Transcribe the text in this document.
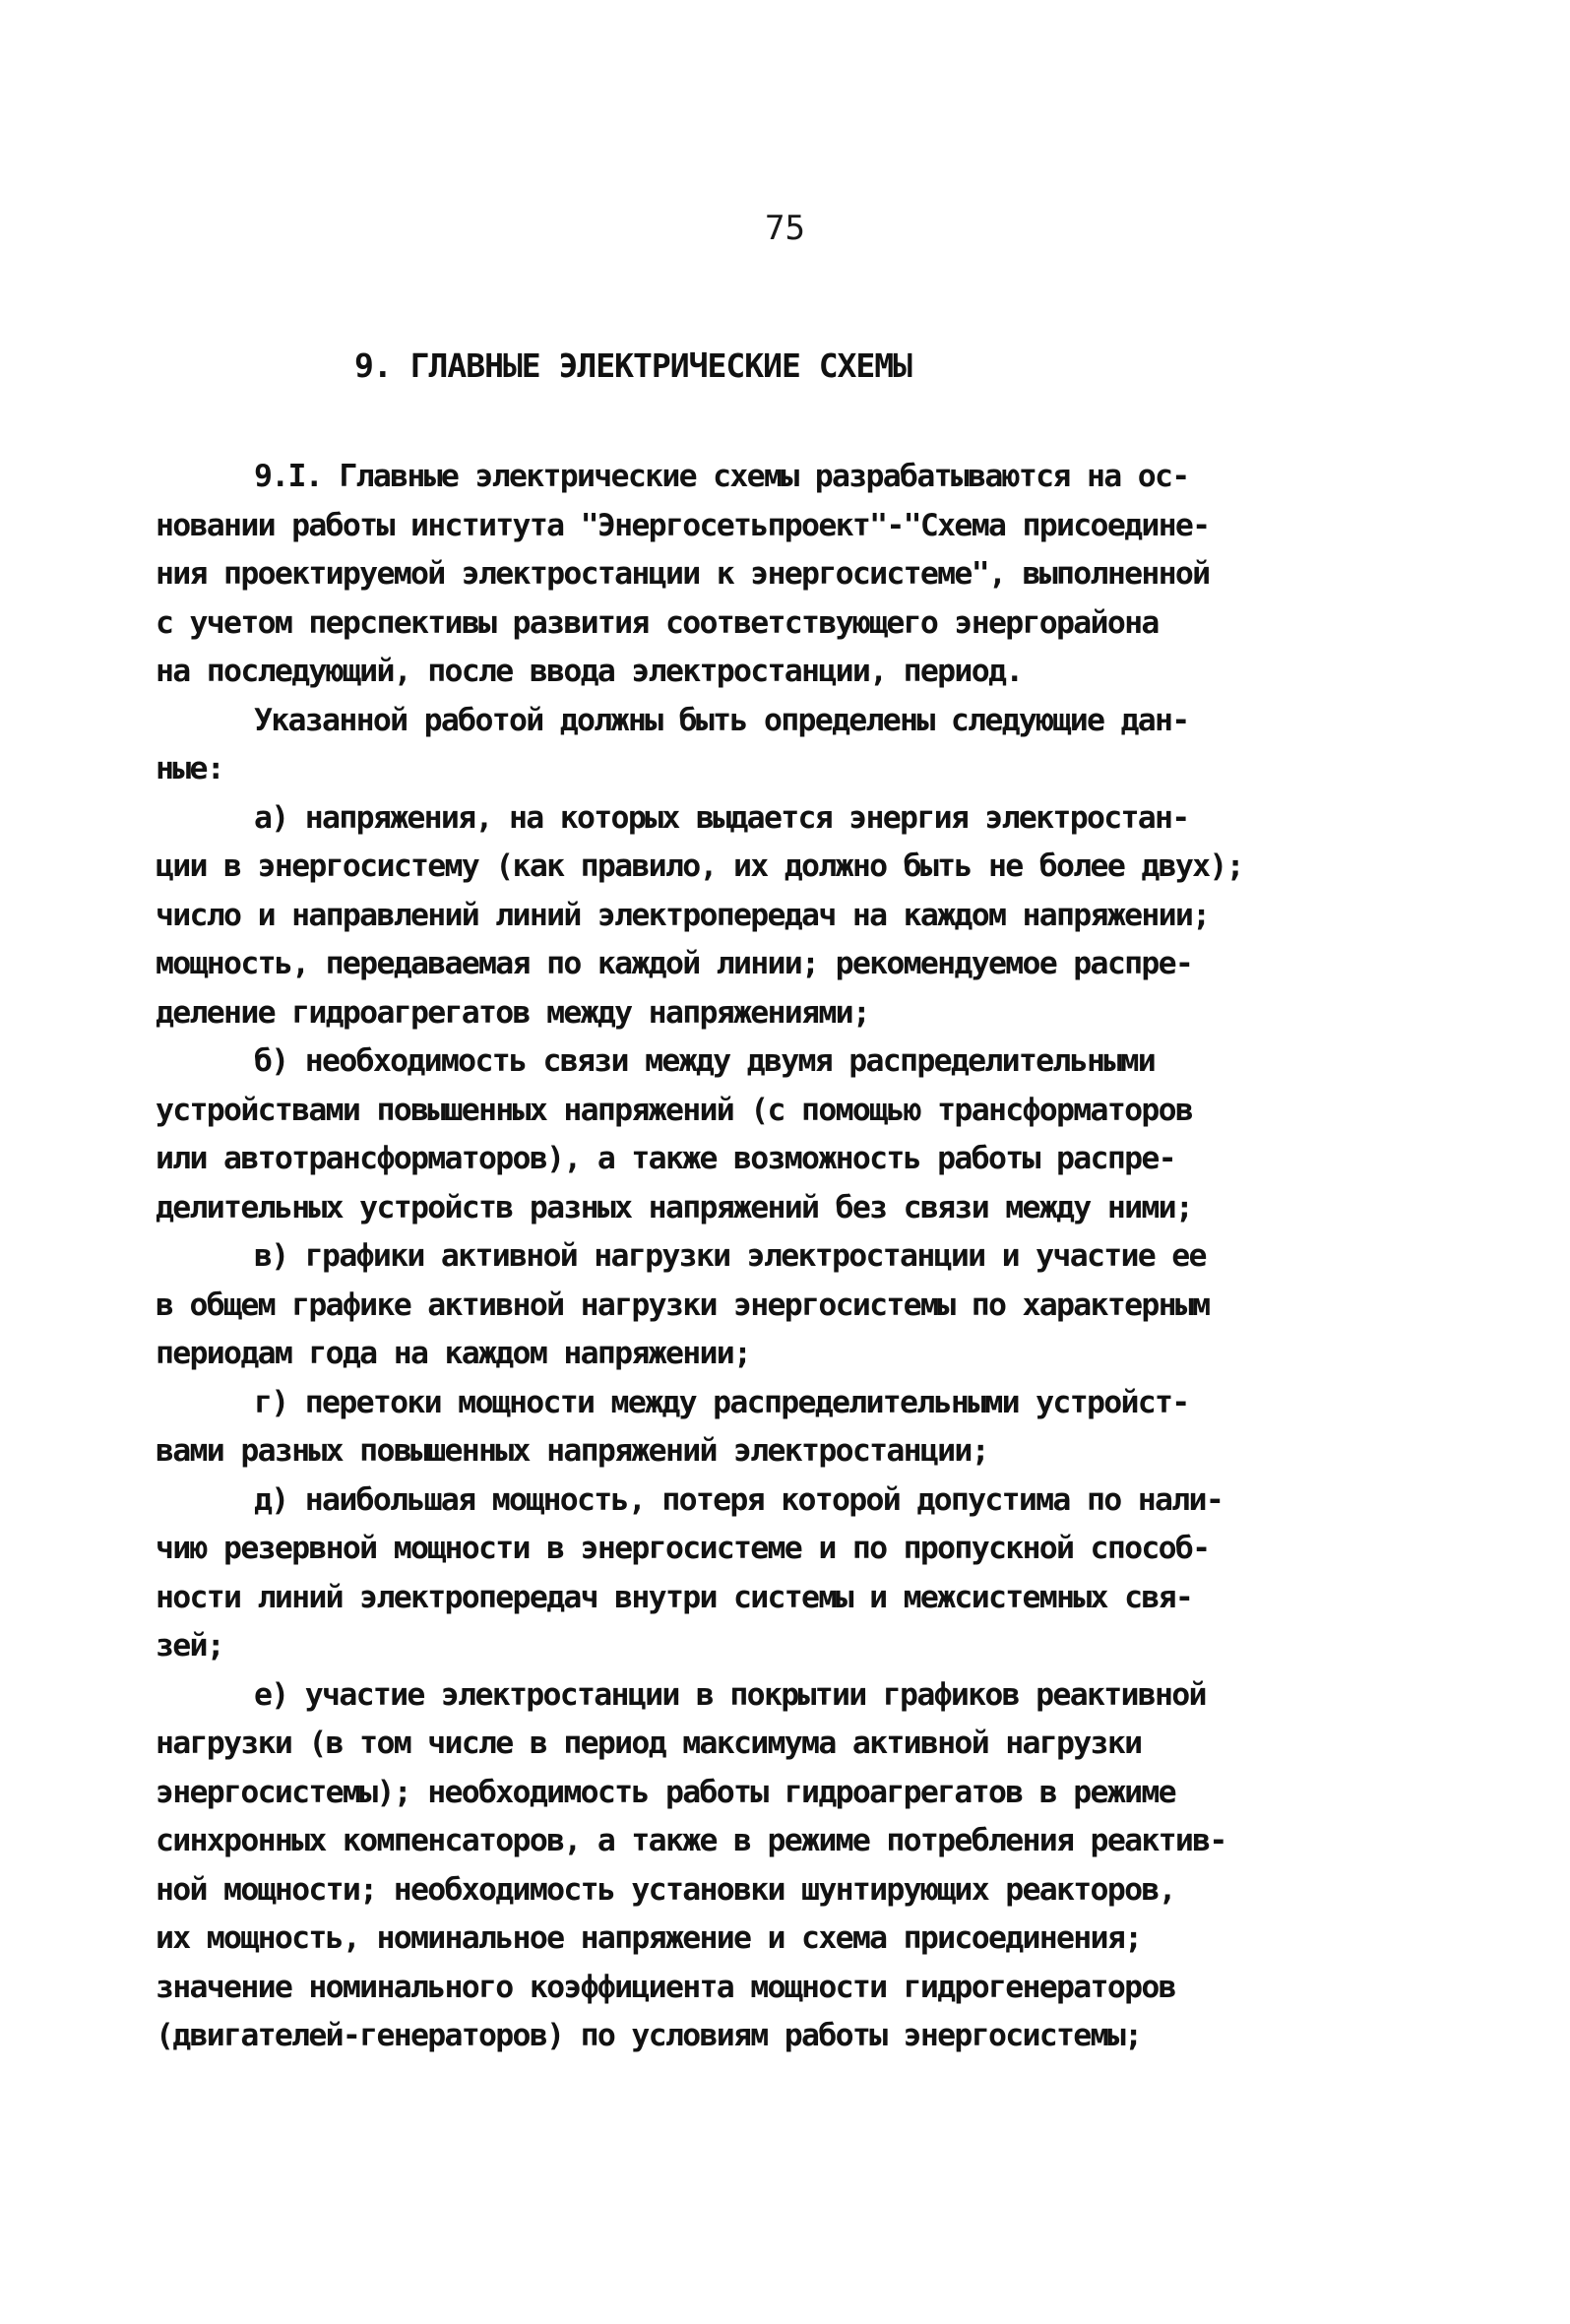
75

9. ГЛАВНЫЕ ЭЛЕКТРИЧЕСКИЕ СХЕМЫ
9.I. Главные электрические схемы разрабатываются на ос-
новании работы института "Энергосетьпроект"-"Схема присоедине-
ния проектируемой электростанции к энергосистеме", выполненной
с учетом перспективы развития соответствующего энергорайона
на последующий, после ввода электростанции, период.
Указанной работой должны быть определены следующие дан-
ные:
а) напряжения, на которых выдается энергия электростан-
ции в энергосистему (как правило, их должно быть не более двух);
число и направлений линий электропередач на каждом напряжении;
мощность, передаваемая по каждой линии; рекомендуемое распре-
деление гидроагрегатов между напряжениями;
б) необходимость связи между двумя распределительными
устройствами повышенных напряжений (с помощью трансформаторов
или автотрансформаторов), а также возможность работы распре-
делительных устройств разных напряжений без связи между ними;
в) графики активной нагрузки электростанции и участие ее
в общем графике активной нагрузки энергосистемы по характерным
периодам года на каждом напряжении;
г) перетоки мощности между распределительными устройст-
вами разных повышенных напряжений электростанции;
д) наибольшая мощность, потеря которой допустима по нали-
чию резервной мощности в энергосистеме и по пропускной способ-
ности линий электропередач внутри системы и межсистемных свя-
зей;
е) участие электростанции в покрытии графиков реактивной
нагрузки (в том числе в период максимума активной нагрузки
энергосистемы); необходимость работы гидроагрегатов в режиме
синхронных компенсаторов, а также в режиме потребления реактив-
ной мощности; необходимость установки шунтирующих реакторов,
их мощность, номинальное напряжение и схема присоединения;
значение номинального коэффициента мощности гидрогенераторов
(двигателей-генераторов) по условиям работы энергосистемы;
